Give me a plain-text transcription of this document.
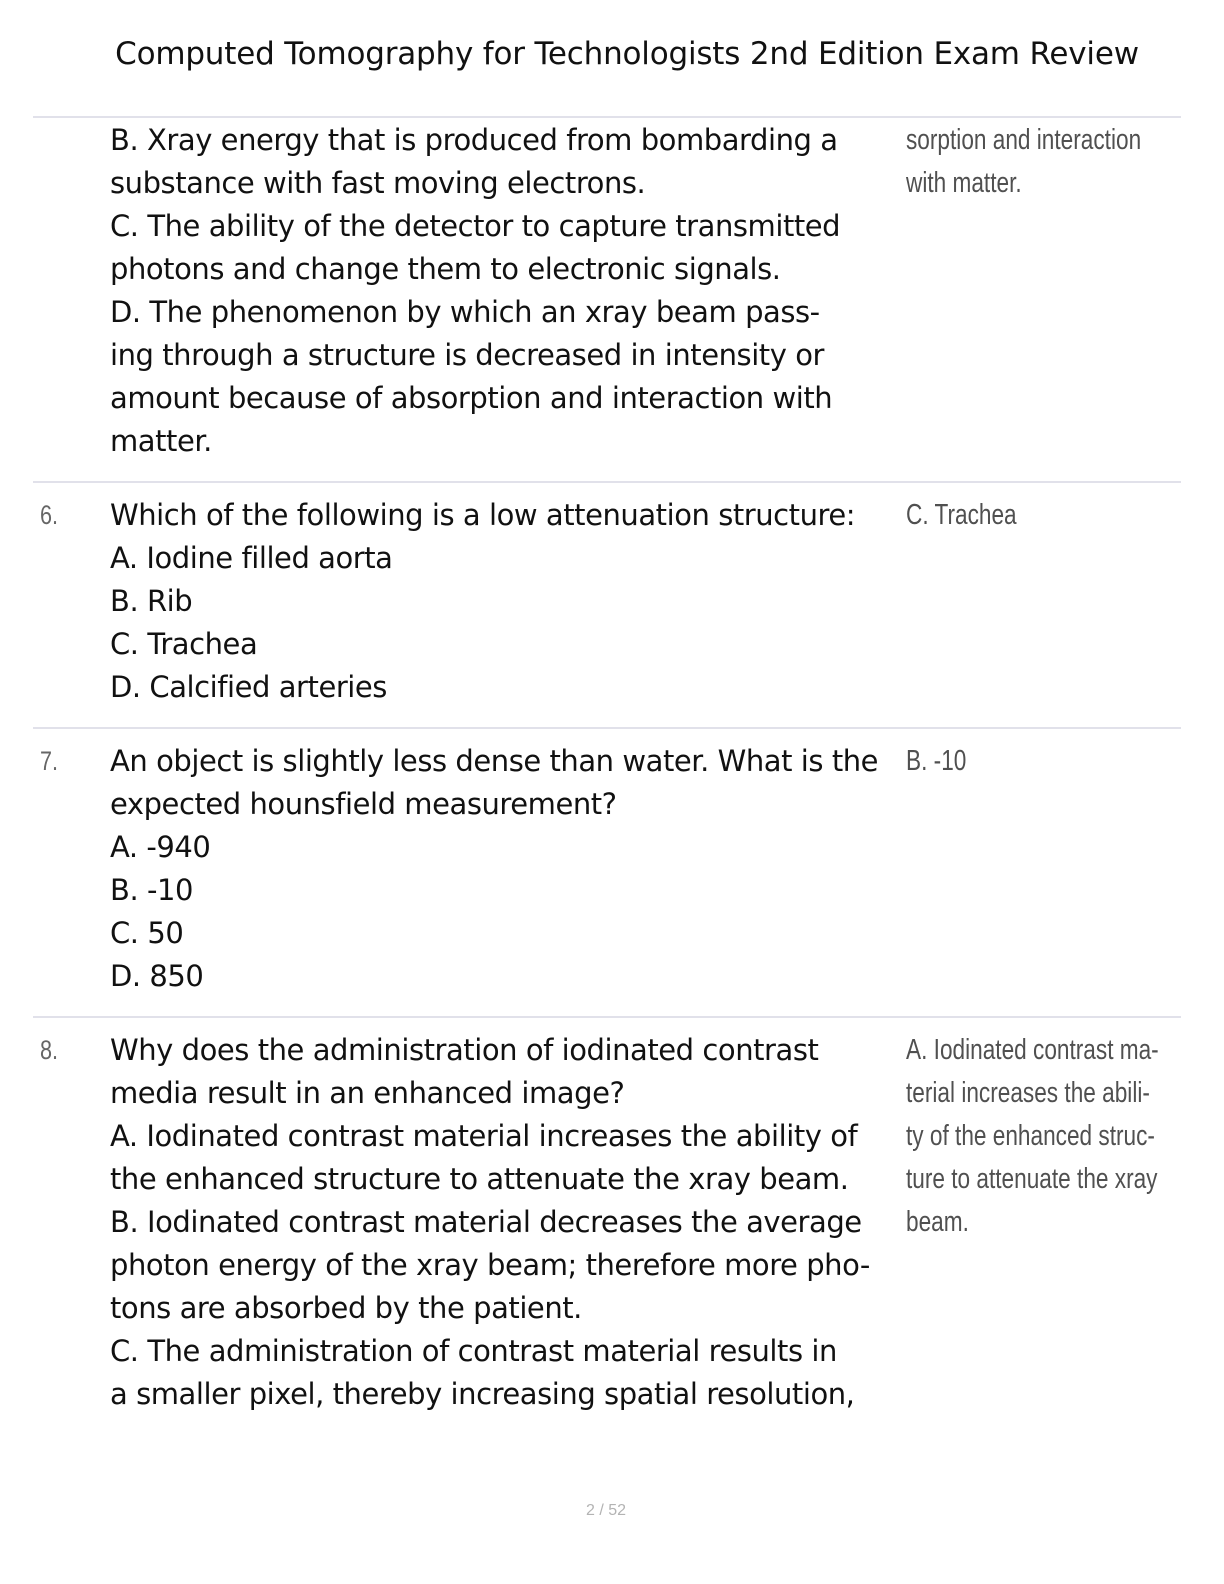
Computed Tomography for Technologists 2nd Edition Exam Review
B. Xray energy that is produced from bombarding a
substance with fast moving electrons.
C. The ability of the detector to capture transmitted
photons and change them to electronic signals.
D. The phenomenon by which an xray beam pass-
ing through a structure is decreased in intensity or
amount because of absorption and interaction with
matter.
sorption and interaction
with matter.
6. Which of the following is a low attenuation structure:
A. Iodine filled aorta
B. Rib
C. Trachea
D. Calcified arteries
C. Trachea
7. An object is slightly less dense than water. What is the
expected hounsfield measurement?
A. -940
B. -10
C. 50
D. 850
B. -10
8. Why does the administration of iodinated contrast
media result in an enhanced image?
A. Iodinated contrast material increases the ability of
the enhanced structure to attenuate the xray beam.
B. Iodinated contrast material decreases the average
photon energy of the xray beam; therefore more pho-
tons are absorbed by the patient.
C. The administration of contrast material results in
a smaller pixel, thereby increasing spatial resolution,
A. Iodinated contrast ma-
terial increases the abili-
ty of the enhanced struc-
ture to attenuate the xray
beam.
2 / 52
